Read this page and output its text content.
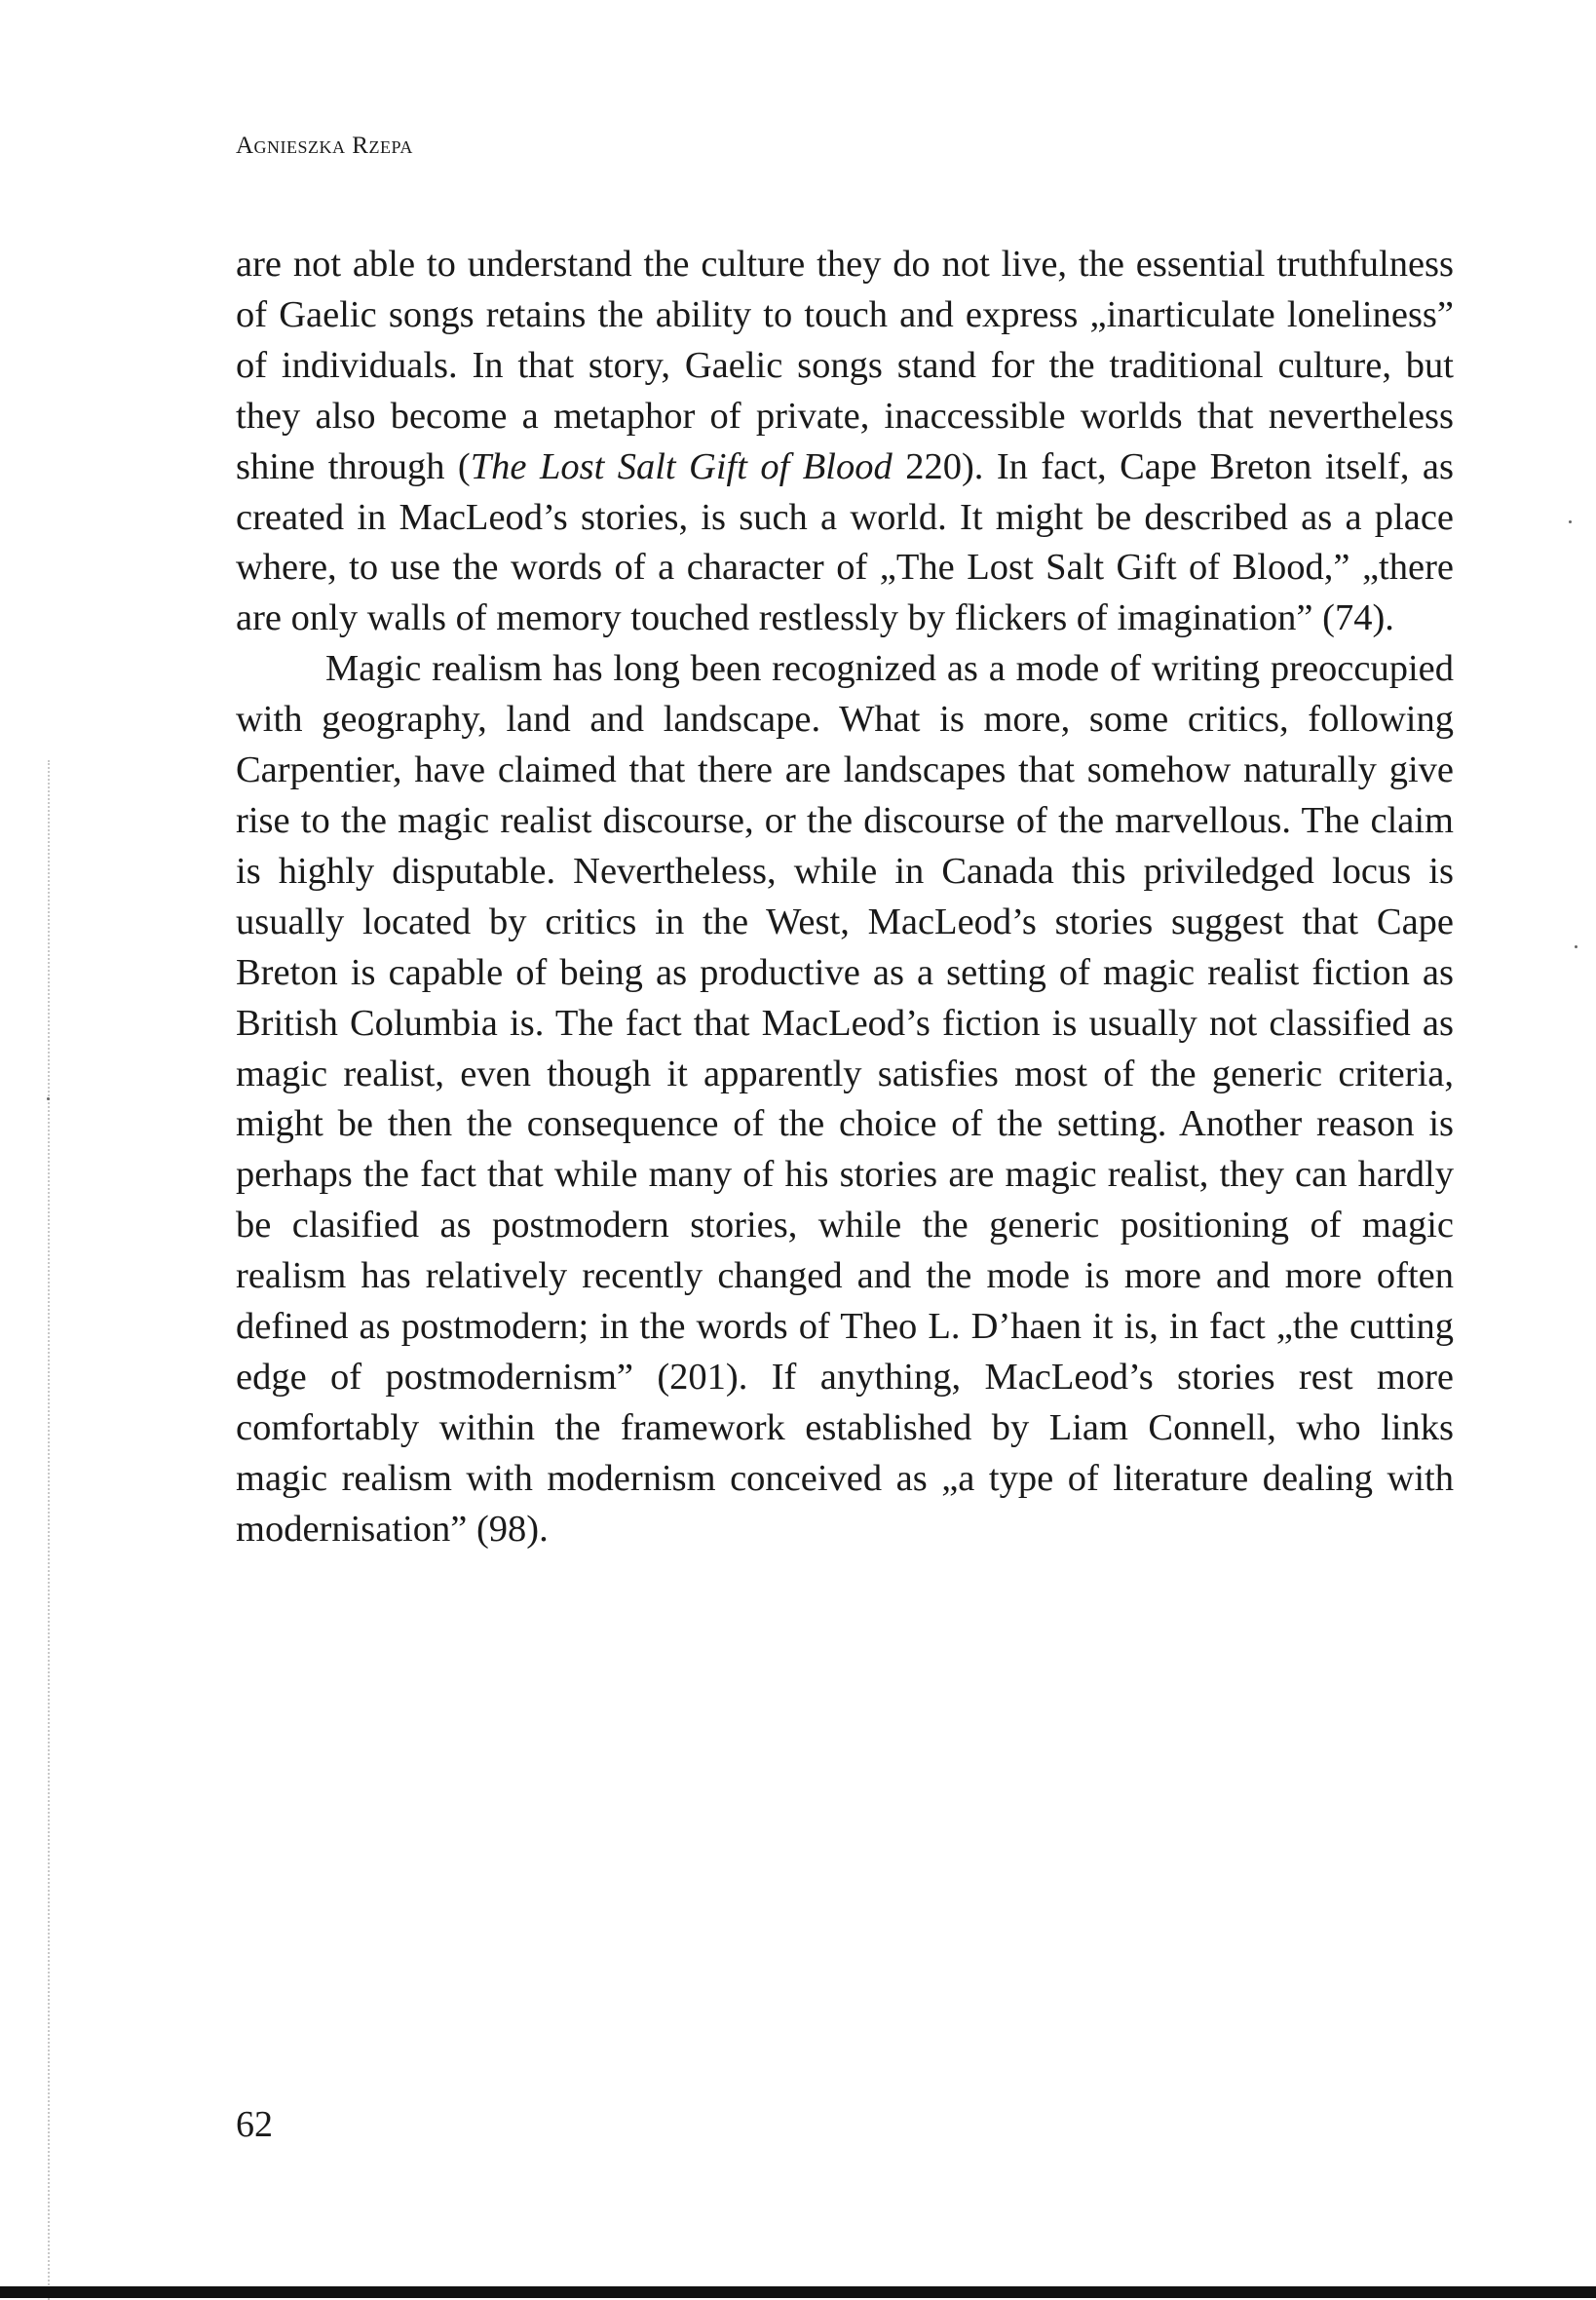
Agnieszka Rzepa

are not able to understand the culture they do not live, the essential truthfulness of Gaelic songs retains the ability to touch and express „inarticulate loneliness” of individuals. In that story, Gaelic songs stand for the traditional culture, but they also become a metaphor of private, inaccessible worlds that nevertheless shine through (The Lost Salt Gift of Blood 220). In fact, Cape Breton itself, as created in MacLeod’s stories, is such a world. It might be described as a place where, to use the words of a character of „The Lost Salt Gift of Blood,” „there are only walls of memory touched restlessly by flickers of imagination” (74).

Magic realism has long been recognized as a mode of writing preoccupied with geography, land and landscape. What is more, some critics, following Carpentier, have claimed that there are landscapes that somehow naturally give rise to the magic realist discourse, or the discourse of the marvellous. The claim is highly disputable. Nevertheless, while in Canada this priviledged locus is usually located by critics in the West, MacLeod’s stories suggest that Cape Breton is capable of being as productive as a setting of magic realist fiction as British Columbia is. The fact that MacLeod’s fiction is usually not classified as magic realist, even though it apparently satisfies most of the generic criteria, might be then the consequence of the choice of the setting. Another reason is perhaps the fact that while many of his stories are magic realist, they can hardly be clasified as postmodern stories, while the generic positioning of magic realism has relatively recently changed and the mode is more and more often defined as postmodern; in the words of Theo L. D’haen it is, in fact „the cutting edge of postmodernism” (201). If anything, MacLeod’s stories rest more comfortably within the framework established by Liam Connell, who links magic realism with modernism conceived as „a type of literature dealing with modernisation” (98).

62
